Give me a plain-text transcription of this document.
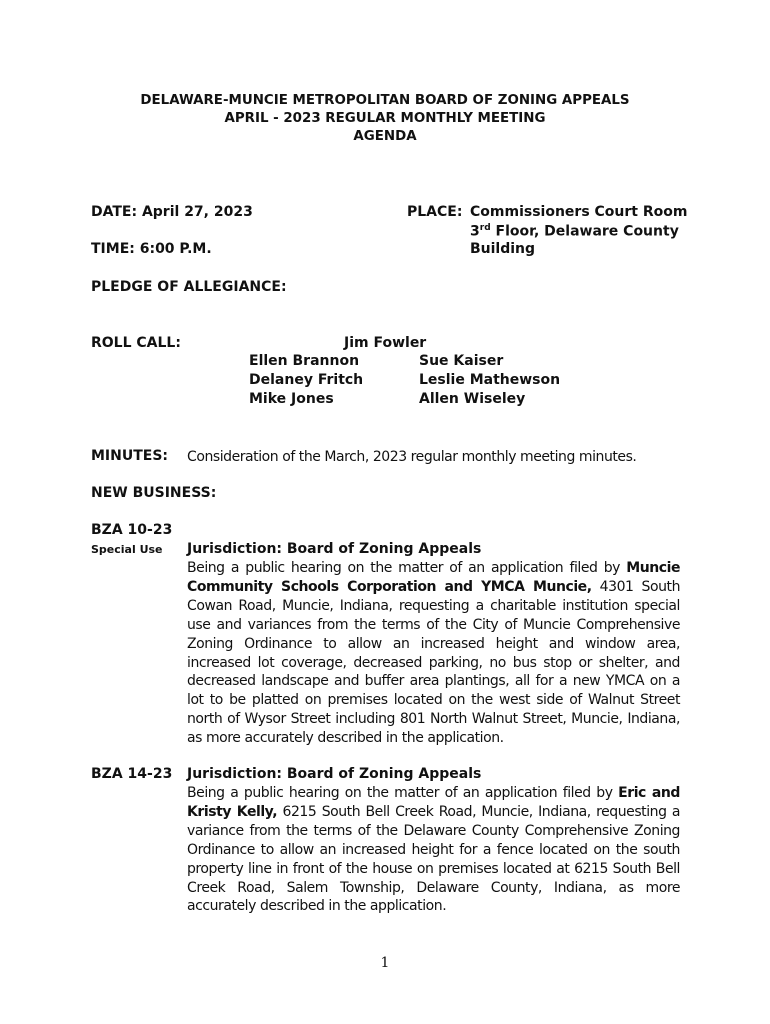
DELAWARE-MUNCIE METROPOLITAN BOARD OF ZONING APPEALS
APRIL - 2023 REGULAR MONTHLY MEETING
AGENDA
DATE: April 27, 2023
TIME: 6:00 P.M.
PLACE: Commissioners Court Room
3rd Floor, Delaware County
Building
PLEDGE OF ALLEGIANCE:
ROLL CALL:	Jim Fowler
Ellen Brannon
Delaney Fritch
Mike Jones
Sue Kaiser
Leslie Mathewson
Allen Wiseley
MINUTES: Consideration of the March, 2023 regular monthly meeting minutes.
NEW BUSINESS:
BZA 10-23
Special Use Jurisdiction: Board of Zoning Appeals
Being a public hearing on the matter of an application filed by Muncie Community Schools Corporation and YMCA Muncie, 4301 South Cowan Road, Muncie, Indiana, requesting a charitable institution special use and variances from the terms of the City of Muncie Comprehensive Zoning Ordinance to allow an increased height and window area, increased lot coverage, decreased parking, no bus stop or shelter, and decreased landscape and buffer area plantings, all for a new YMCA on a lot to be platted on premises located on the west side of Walnut Street north of Wysor Street including 801 North Walnut Street, Muncie, Indiana, as more accurately described in the application.
BZA 14-23 Jurisdiction: Board of Zoning Appeals
Being a public hearing on the matter of an application filed by Eric and Kristy Kelly, 6215 South Bell Creek Road, Muncie, Indiana, requesting a variance from the terms of the Delaware County Comprehensive Zoning Ordinance to allow an increased height for a fence located on the south property line in front of the house on premises located at 6215 South Bell Creek Road, Salem Township, Delaware County, Indiana, as more accurately described in the application.
1
